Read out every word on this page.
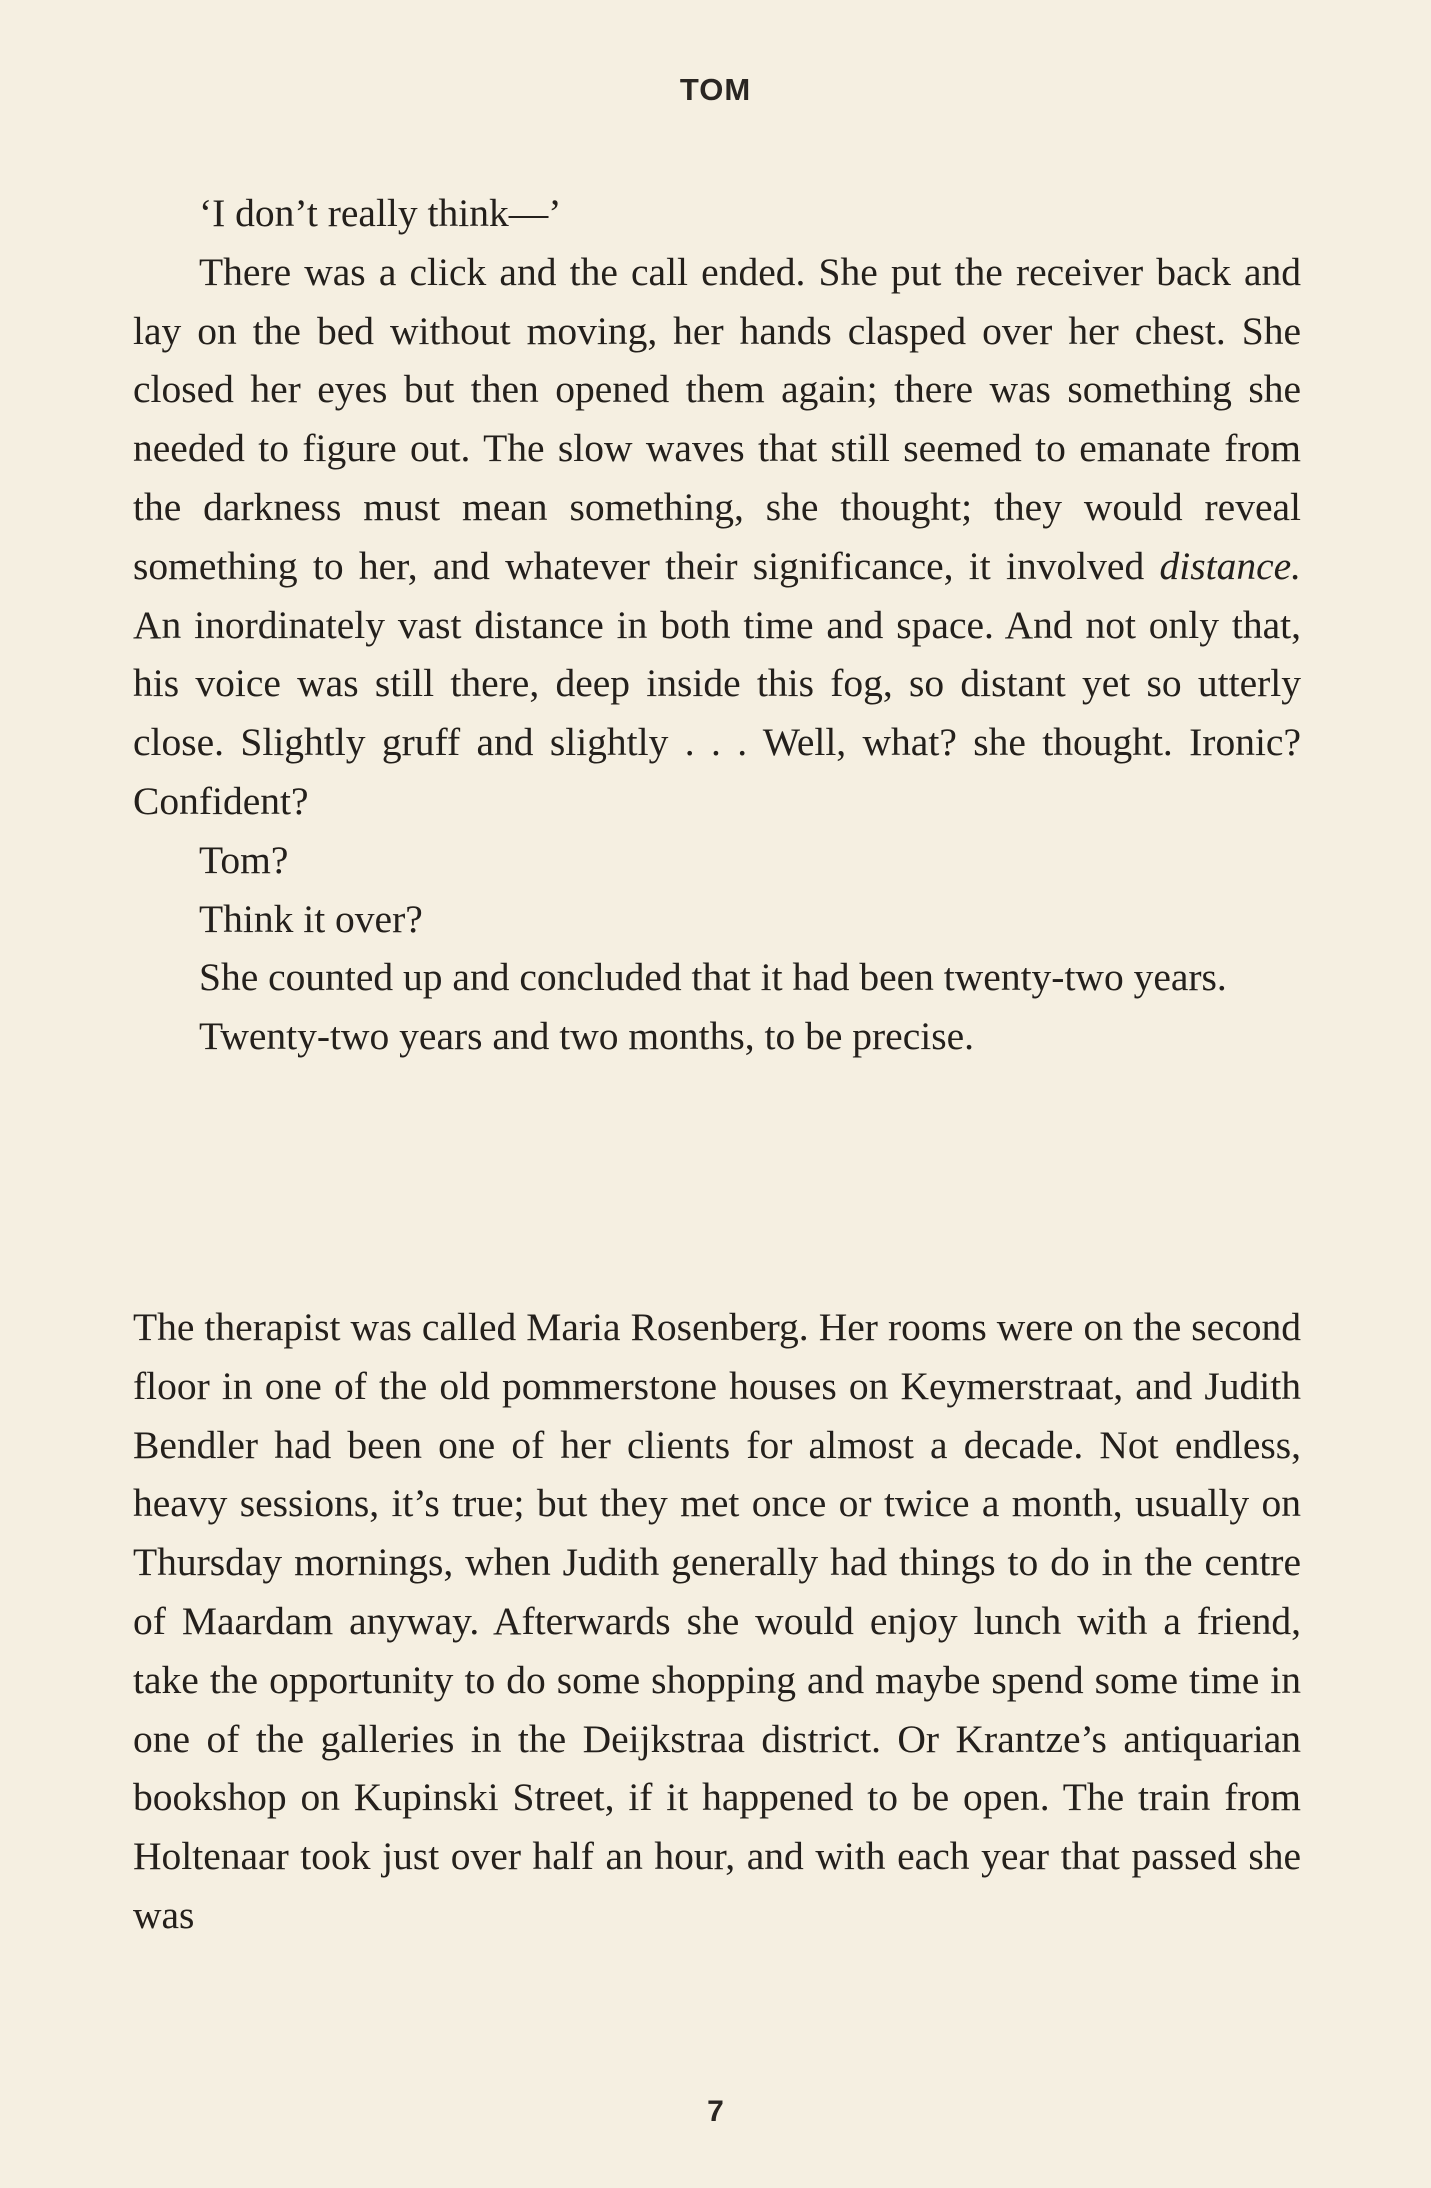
TOM

‘I don’t really think—’

There was a click and the call ended. She put the receiver back and lay on the bed without moving, her hands clasped over her chest. She closed her eyes but then opened them again; there was something she needed to figure out. The slow waves that still seemed to emanate from the darkness must mean something, she thought; they would reveal something to her, and whatever their significance, it involved distance. An inordinately vast distance in both time and space. And not only that, his voice was still there, deep inside this fog, so distant yet so utterly close. Slightly gruff and slightly . . . Well, what? she thought. Ironic? Confident?

Tom?

Think it over?

She counted up and concluded that it had been twenty-two years.

Twenty-two years and two months, to be precise.

The therapist was called Maria Rosenberg. Her rooms were on the second floor in one of the old pommerstone houses on Keymerstraat, and Judith Bendler had been one of her clients for almost a decade. Not endless, heavy sessions, it’s true; but they met once or twice a month, usually on Thursday mornings, when Judith generally had things to do in the centre of Maardam anyway. Afterwards she would enjoy lunch with a friend, take the opportunity to do some shopping and maybe spend some time in one of the galleries in the Deijkstraa district. Or Krantze’s antiquarian bookshop on Kupinski Street, if it happened to be open. The train from Holtenaar took just over half an hour, and with each year that passed she was

7
